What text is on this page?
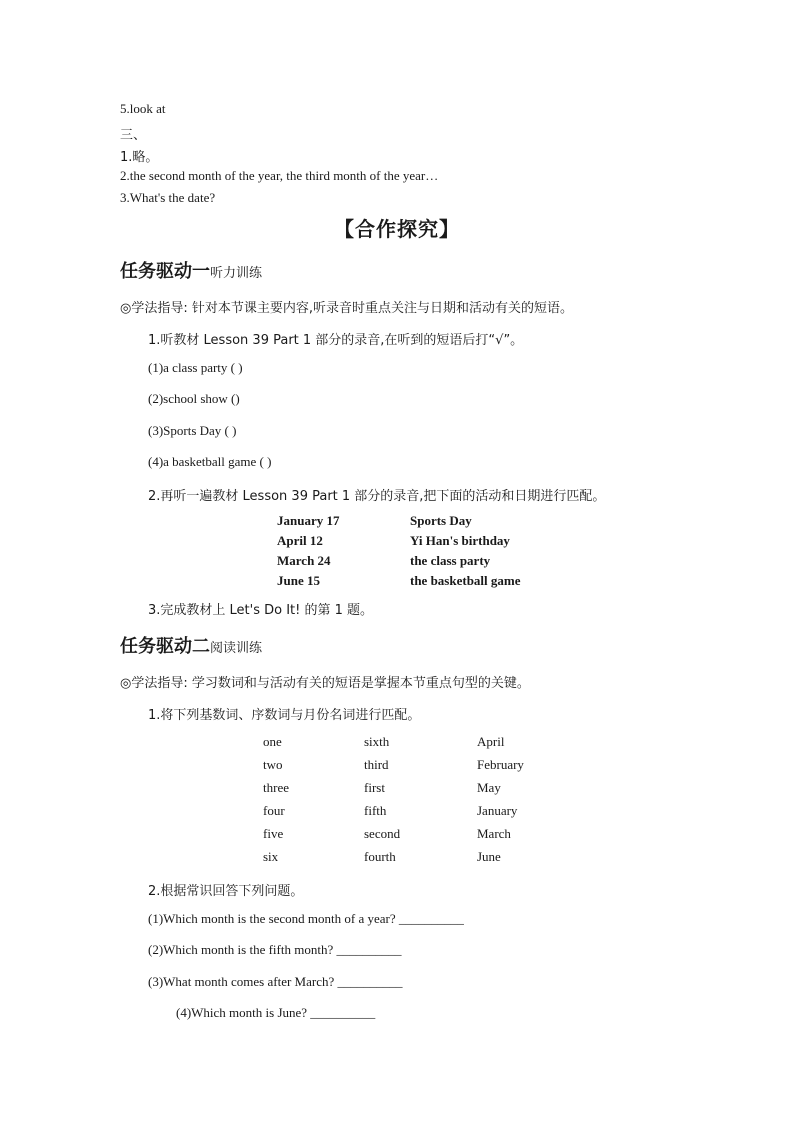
5.look at
三、
1.略。
2.the second month of the year, the third month of the year…
3.What's the date?
【合作探究】
任务驱动一听力训练
◎学法指导: 针对本节课主要内容,听录音时重点关注与日期和活动有关的短语。
1.听教材 Lesson 39 Part 1 部分的录音,在听到的短语后打“√”。
(1)a class party ( )
(2)school show ()
(3)Sports Day ( )
(4)a basketball game ( )
2.再听一遍教材 Lesson 39 Part 1 部分的录音,把下面的活动和日期进行匹配。
January 17
April 12
March 24
June 15
Sports Day
Yi Han's birthday
the class party
the basketball game
3.完成教材上 Let's Do It! 的第 1 题。
任务驱动二阅读训练
◎学法指导: 学习数词和与活动有关的短语是掌握本节重点句型的关键。
1.将下列基数词、序数词与月份名词进行匹配。
one
two
three
four
five
six
sixth
third
first
fifth
second
fourth
April
February
May
January
March
June
2.根据常识回答下列问题。
(1)Which month is the second month of a year? __________
(2)Which month is the fifth month? __________
(3)What month comes after March? __________
(4)Which month is June? __________
